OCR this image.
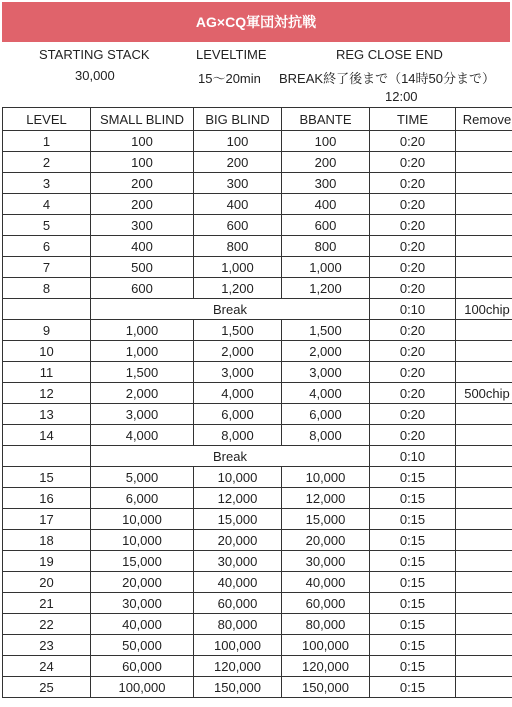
AG×CQ軍団対抗戦
STARTING STACK
30,000
LEVELTIME
15～20min
REG CLOSE END
BREAK終了後まで（14時50分まで）
12:00
LEVEL	SMALL BLIND	BIG BLIND	BBANTE	TIME	Remove
1	100	100	100	0:20	
2	100	200	200	0:20	
3	200	300	300	0:20	
4	200	400	400	0:20	
5	300	600	600	0:20	
6	400	800	800	0:20	
7	500	1,000	1,000	0:20	
8	600	1,200	1,200	0:20	
	Break			0:10	100chip
9	1,000	1,500	1,500	0:20	
10	1,000	2,000	2,000	0:20	
11	1,500	3,000	3,000	0:20	
12	2,000	4,000	4,000	0:20	500chip
13	3,000	6,000	6,000	0:20	
14	4,000	8,000	8,000	0:20	
	Break			0:10	
15	5,000	10,000	10,000	0:15	
16	6,000	12,000	12,000	0:15	
17	10,000	15,000	15,000	0:15	
18	10,000	20,000	20,000	0:15	
19	15,000	30,000	30,000	0:15	
20	20,000	40,000	40,000	0:15	
21	30,000	60,000	60,000	0:15	
22	40,000	80,000	80,000	0:15	
23	50,000	100,000	100,000	0:15	
24	60,000	120,000	120,000	0:15	
25	100,000	150,000	150,000	0:15	
